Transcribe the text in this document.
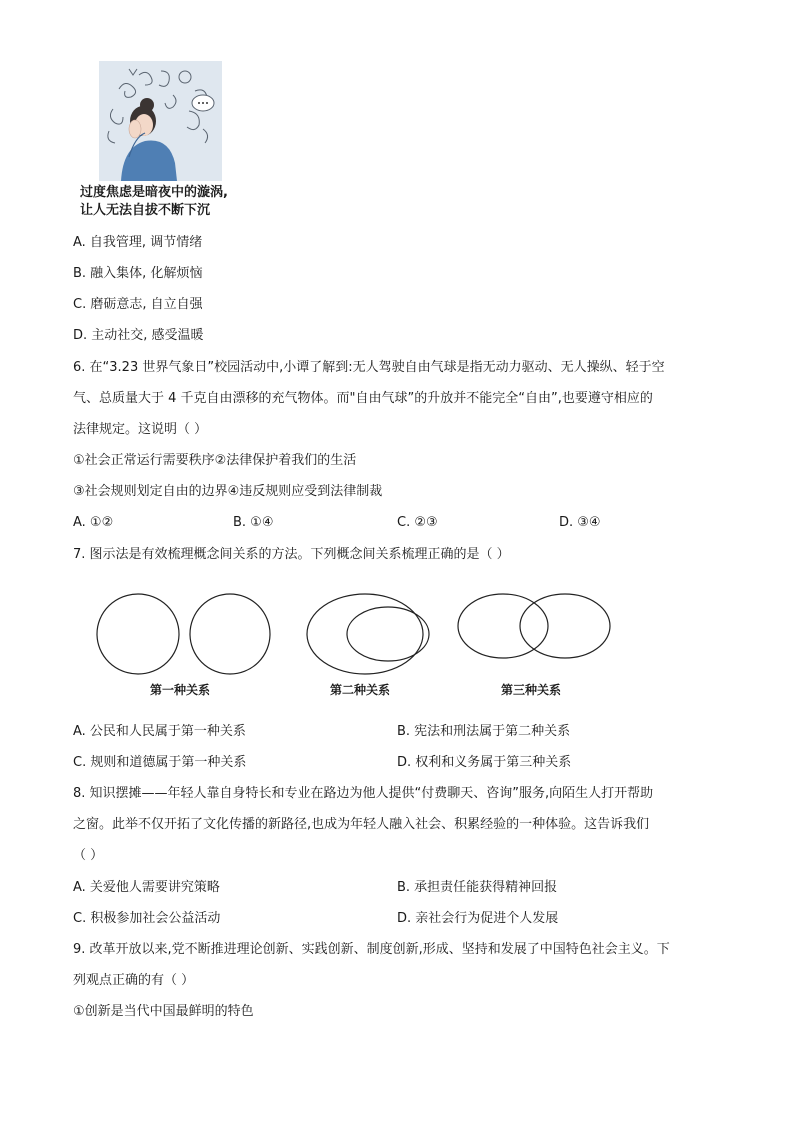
过度焦虑是暗夜中的漩涡,
让人无法自拔不断下沉
A. 自我管理, 调节情绪
B. 融入集体, 化解烦恼
C. 磨砺意志, 自立自强
D. 主动社交, 感受温暖
6. 在“3.23 世界气象日”校园活动中,小谭了解到:无人驾驶自由气球是指无动力驱动、无人操纵、轻于空
气、总质量大于 4 千克自由漂移的充气物体。而"自由气球”的升放并不能完全“自由”,也要遵守相应的
法律规定。这说明（ ）
①社会正常运行需要秩序②法律保护着我们的生活
③社会规则划定自由的边界④违反规则应受到法律制裁
A. ①②	B. ①④	C. ②③	D. ③④
7. 图示法是有效梳理概念间关系的方法。下列概念间关系梳理正确的是（ ）
第一种关系	第二种关系	第三种关系
A. 公民和人民属于第一种关系	B. 宪法和刑法属于第二种关系
C. 规则和道德属于第一种关系	D. 权利和义务属于第三种关系
8. 知识摆摊——年轻人靠自身特长和专业在路边为他人提供“付费聊天、咨询”服务,向陌生人打开帮助
之窗。此举不仅开拓了文化传播的新路径,也成为年轻人融入社会、积累经验的一种体验。这告诉我们
（ ）
A. 关爱他人需要讲究策略	B. 承担责任能获得精神回报
C. 积极参加社会公益活动	D. 亲社会行为促进个人发展
9. 改革开放以来,党不断推进理论创新、实践创新、制度创新,形成、坚持和发展了中国特色社会主义。下
列观点正确的有（ ）
①创新是当代中国最鲜明的特色
